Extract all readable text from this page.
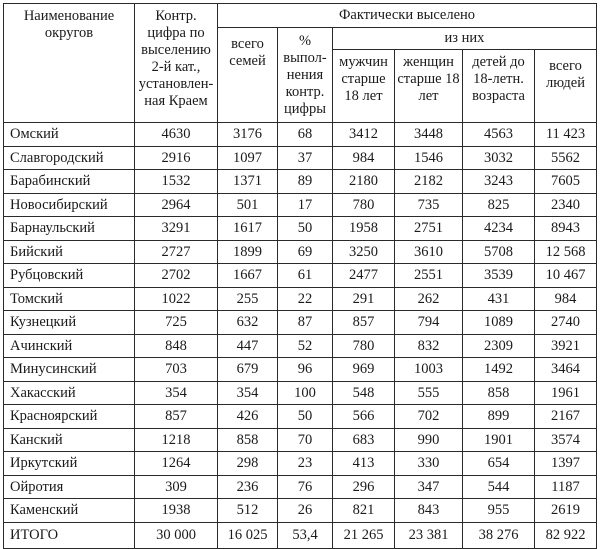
Наименование округов	Контр. цифра по выселению 2-й кат., установлен-ная Краем	Фактически выселено					
		всего семей	% выпол-нения контр. цифры	из них			
				мужчин старше 18 лет	женщин старше 18 лет	детей до 18-летн. возраста	всего людей
Омский	4630	3176	68	3412	3448	4563	11 423
Славгородский	2916	1097	37	984	1546	3032	5562
Барабинский	1532	1371	89	2180	2182	3243	7605
Новосибирский	2964	501	17	780	735	825	2340
Барнаульский	3291	1617	50	1958	2751	4234	8943
Бийский	2727	1899	69	3250	3610	5708	12 568
Рубцовский	2702	1667	61	2477	2551	3539	10 467
Томский	1022	255	22	291	262	431	984
Кузнецкий	725	632	87	857	794	1089	2740
Ачинский	848	447	52	780	832	2309	3921
Минусинский	703	679	96	969	1003	1492	3464
Хакасский	354	354	100	548	555	858	1961
Красноярский	857	426	50	566	702	899	2167
Канский	1218	858	70	683	990	1901	3574
Иркутский	1264	298	23	413	330	654	1397
Ойротия	309	236	76	296	347	544	1187
Каменский	1938	512	26	821	843	955	2619
ИТОГО	30 000	16 025	53,4	21 265	23 381	38 276	82 922
